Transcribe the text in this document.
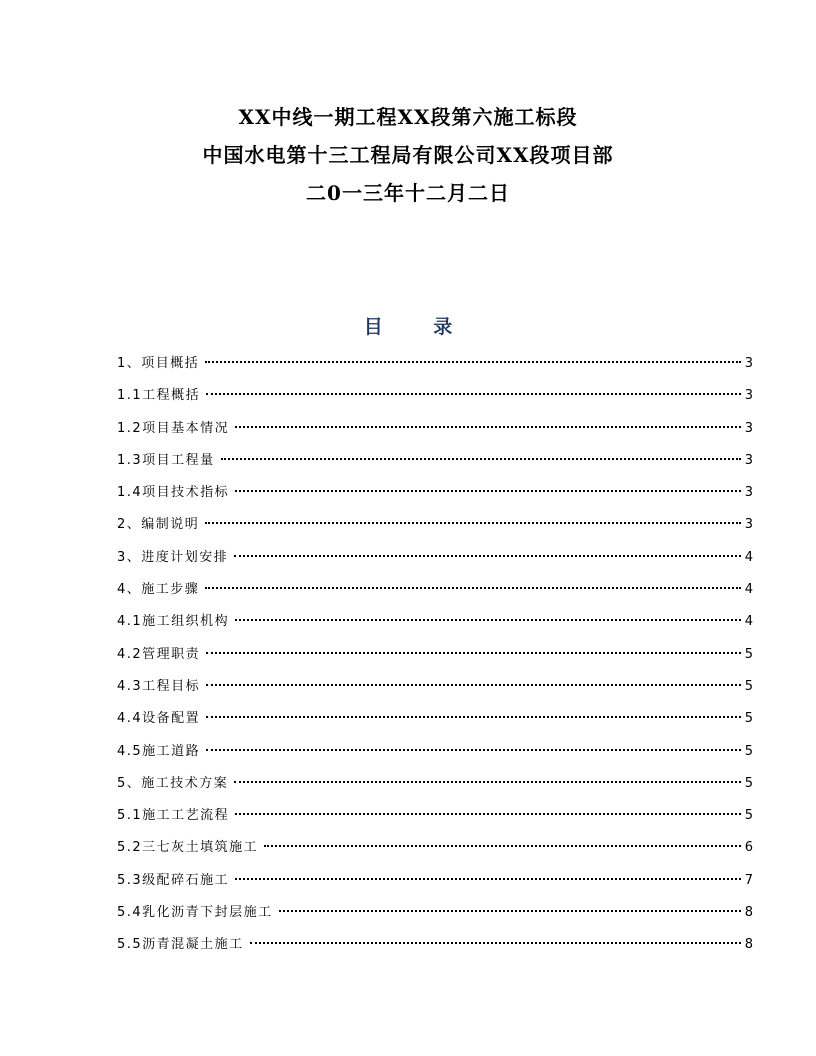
XX中线一期工程XX段第六施工标段
中国水电第十三工程局有限公司XX段项目部
二0一三年十二月二日
目 录
1、项目概括	3
1.1工程概括	3
1.2项目基本情况	3
1.3项目工程量	3
1.4项目技术指标	3
2、编制说明	3
3、进度计划安排	4
4、施工步骤	4
4.1施工组织机构	4
4.2管理职责	5
4.3工程目标	5
4.4设备配置	5
4.5施工道路	5
5、施工技术方案	5
5.1施工工艺流程	5
5.2三七灰土填筑施工	6
5.3级配碎石施工	7
5.4乳化沥青下封层施工	8
5.5沥青混凝土施工	8
